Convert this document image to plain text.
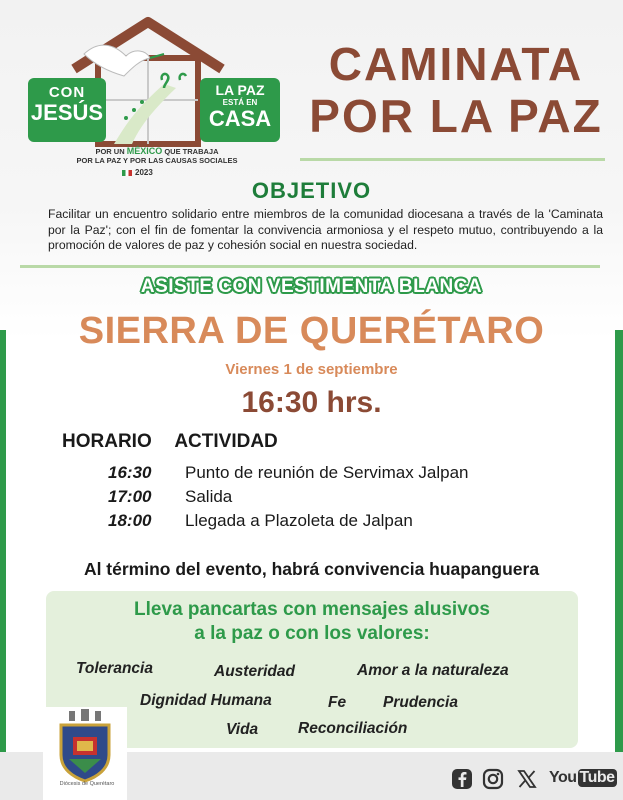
CON
JESÚS
LA PAZ
ESTÁ EN
CASA
POR UN MÉXICO QUE TRABAJA
POR LA PAZ Y POR LAS CAUSAS SOCIALES
2023
CAMINATA
POR LA PAZ
OBJETIVO
Facilitar un encuentro solidario entre miembros de la comunidad diocesana a través de la 'Caminata por la Paz'; con el fin de fomentar la convivencia armoniosa y el respeto mutuo, contribuyendo a la promoción de valores de paz y cohesión social en nuestra sociedad.
ASISTE CON VESTIMENTA BLANCA
SIERRA DE QUERÉTARO
Viernes 1 de septiembre
16:30 hrs.
HORARIO ACTIVIDAD
16:30 Punto de reunión de Servimax Jalpan
17:00 Salida
18:00 Llegada a Plazoleta de Jalpan
Al término del evento, habrá convivencia huapanguera
Lleva pancartas con mensajes alusivos
a la paz o con los valores:
Tolerancia	Austeridad	Amor a la naturaleza
Dignidad Humana	Fe Prudencia
Vida	Reconciliación
Diócesis de Querétaro	You Tube
